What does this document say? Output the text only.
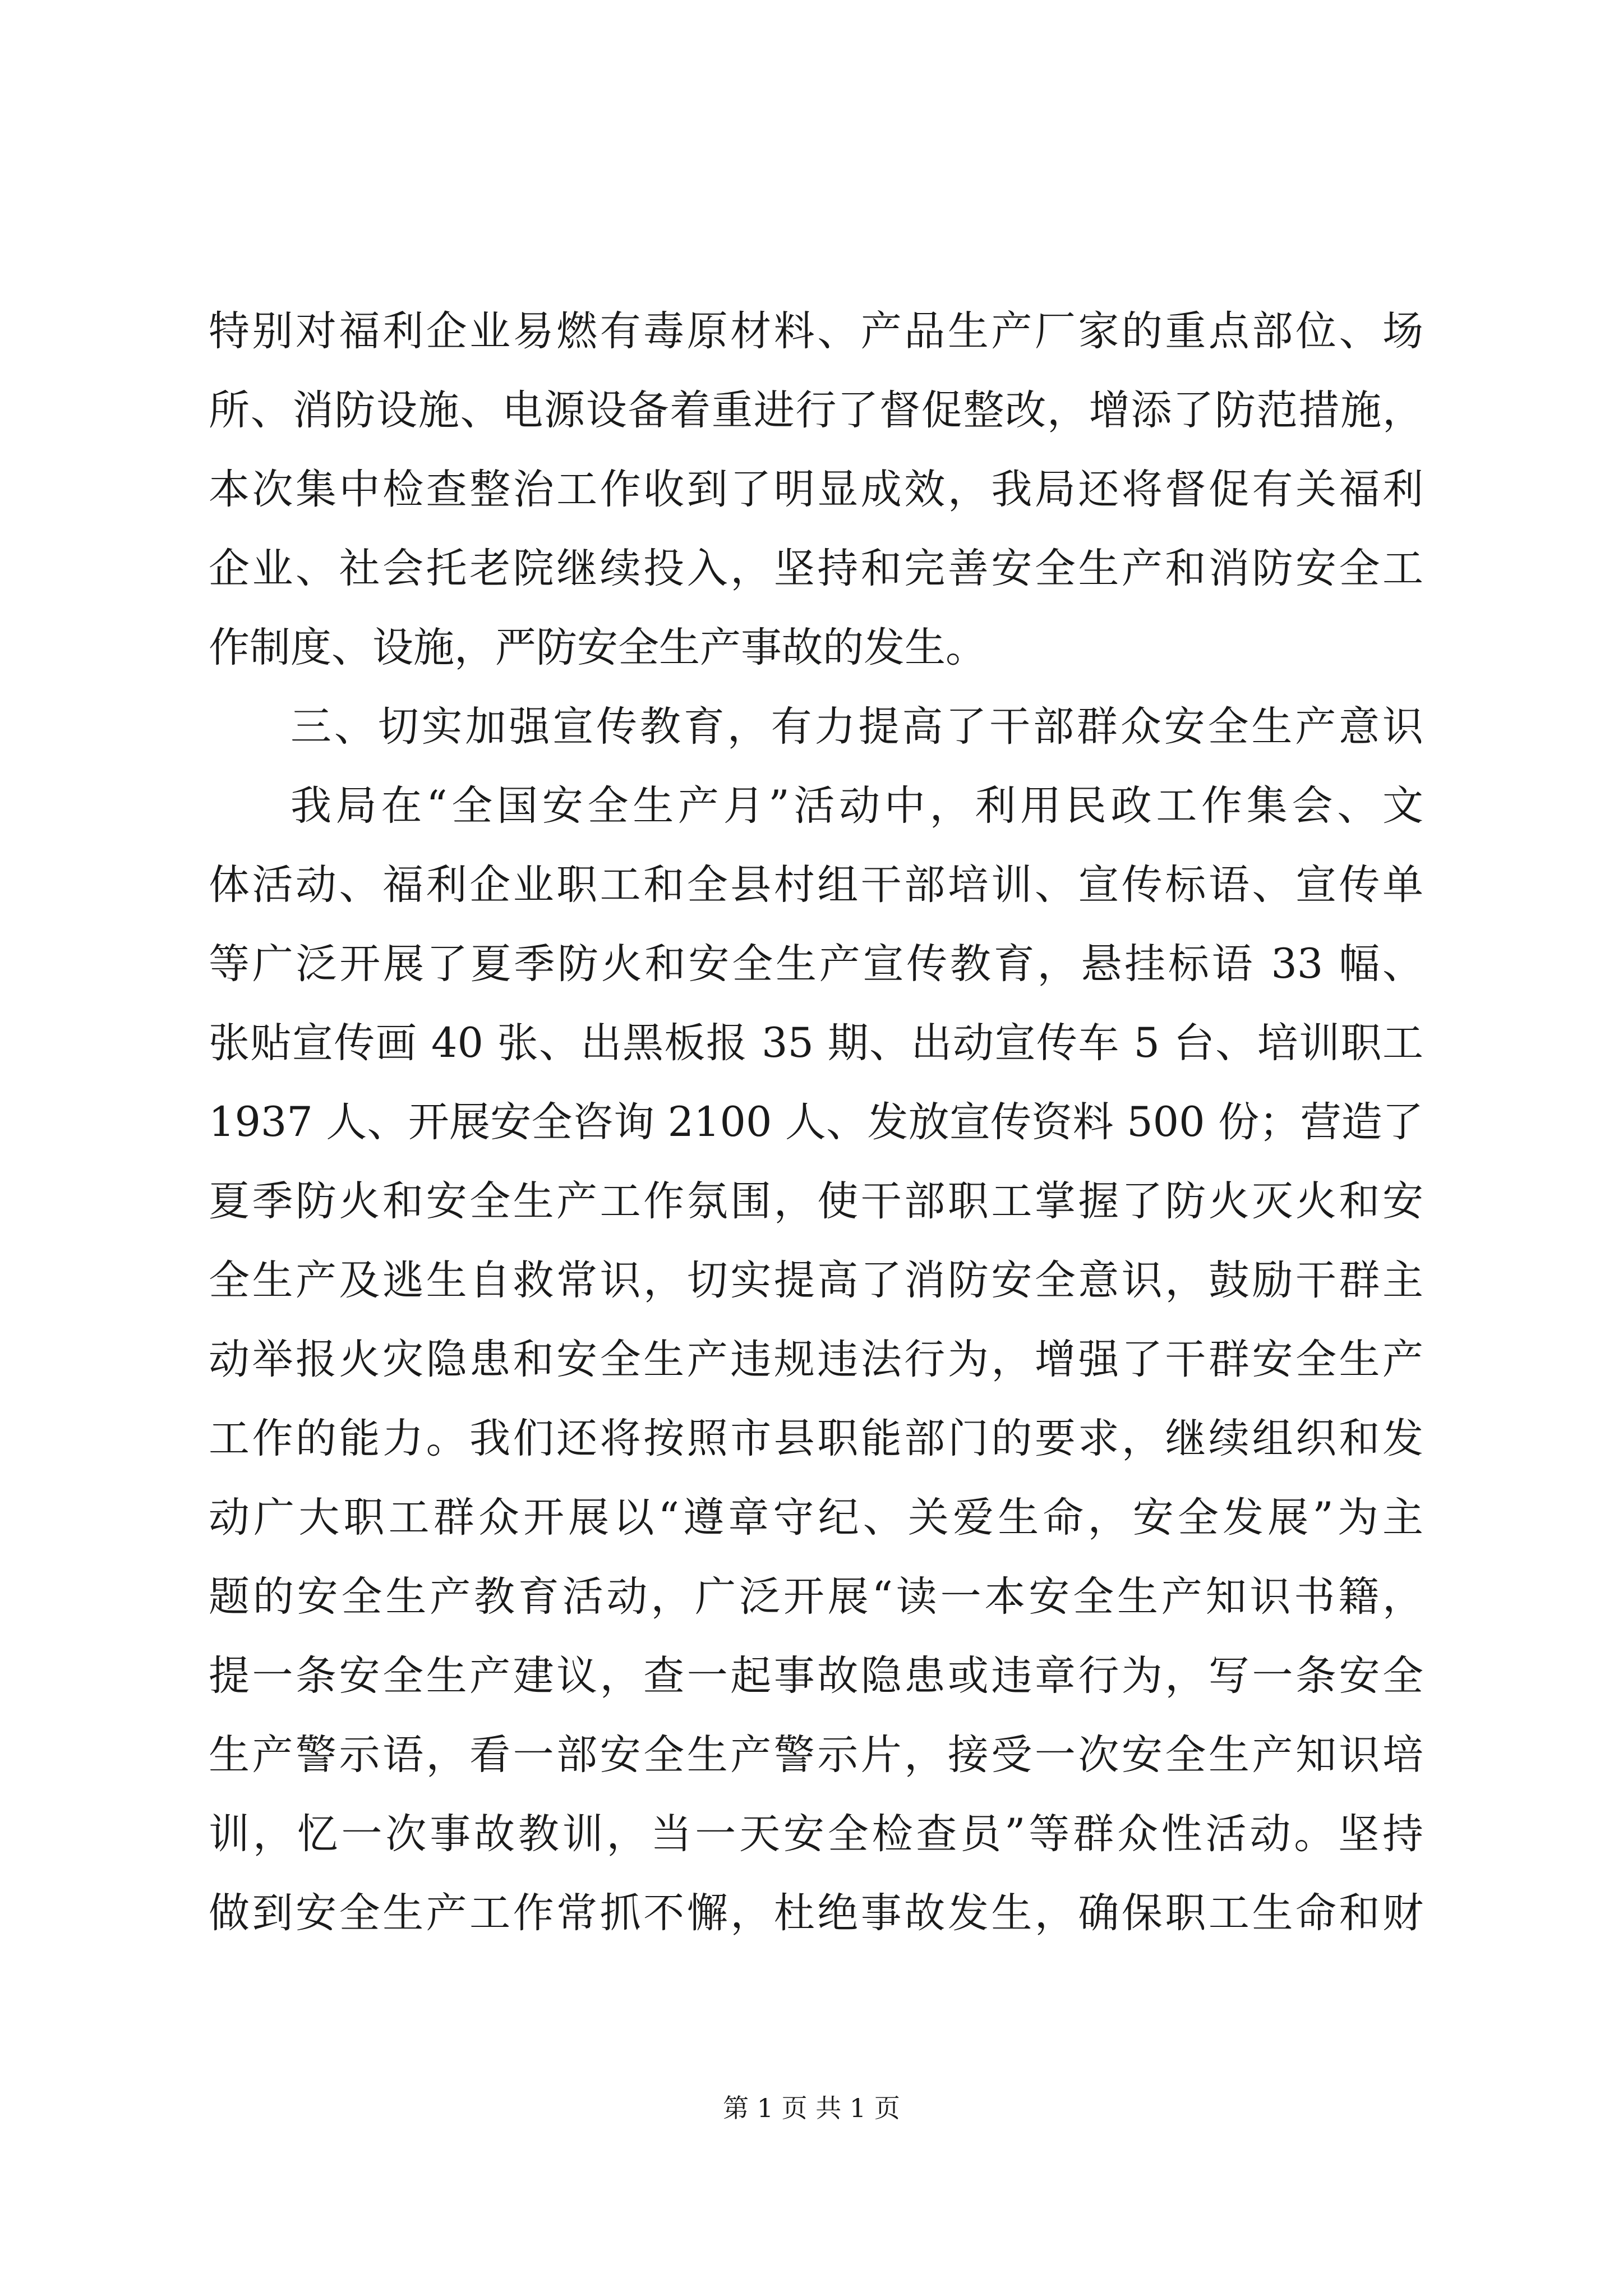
特别对福利企业易燃有毒原材料、产品生产厂家的重点部位、场
所、消防设施、电源设备着重进行了督促整改，增添了防范措施，
本次集中检查整治工作收到了明显成效，我局还将督促有关福利
企业、社会托老院继续投入，坚持和完善安全生产和消防安全工
作制度、设施，严防安全生产事故的发生。
三、切实加强宣传教育，有力提高了干部群众安全生产意识
我局在“全国安全生产月”活动中，利用民政工作集会、文
体活动、福利企业职工和全县村组干部培训、宣传标语、宣传单
等广泛开展了夏季防火和安全生产宣传教育，悬挂标语 33 幅、
张贴宣传画 40 张、出黑板报 35 期、出动宣传车 5 台、培训职工
1937 人、开展安全咨询 2100 人、发放宣传资料 500 份；营造了
夏季防火和安全生产工作氛围，使干部职工掌握了防火灭火和安
全生产及逃生自救常识，切实提高了消防安全意识，鼓励干群主
动举报火灾隐患和安全生产违规违法行为，增强了干群安全生产
工作的能力。我们还将按照市县职能部门的要求，继续组织和发
动广大职工群众开展以“遵章守纪、关爱生命，安全发展”为主
题的安全生产教育活动，广泛开展“读一本安全生产知识书籍，
提一条安全生产建议，查一起事故隐患或违章行为，写一条安全
生产警示语，看一部安全生产警示片，接受一次安全生产知识培
训，忆一次事故教训，当一天安全检查员”等群众性活动。坚持
做到安全生产工作常抓不懈，杜绝事故发生，确保职工生命和财
第 1 页 共 1 页
